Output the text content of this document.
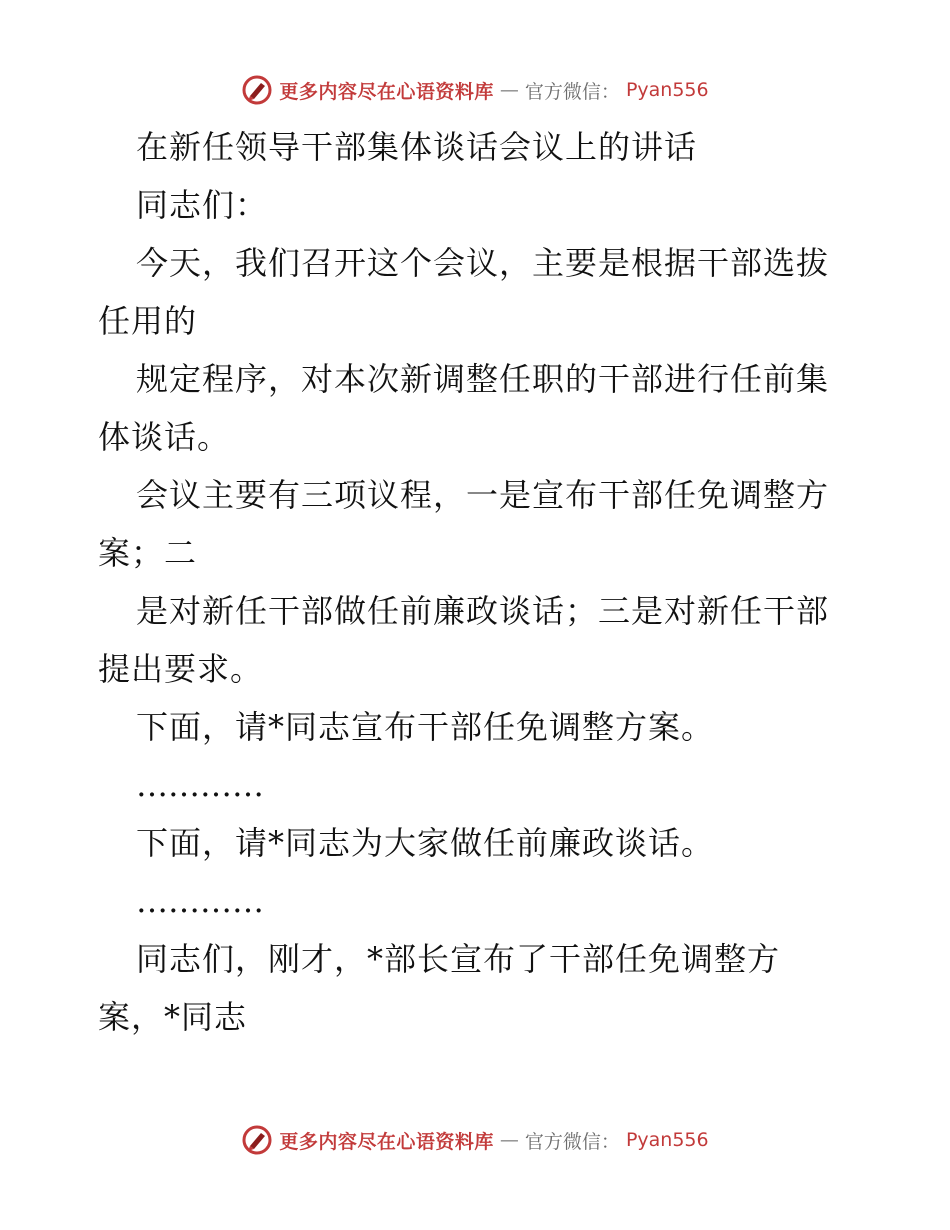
更多内容尽在心语资料库 — 官方微信： Pyan556
在新任领导干部集体谈话会议上的讲话
同志们：
今天，我们召开这个会议，主要是根据干部选拔
任用的
规定程序，对本次新调整任职的干部进行任前集
体谈话。
会议主要有三项议程，一是宣布干部任免调整方
案；二
是对新任干部做任前廉政谈话；三是对新任干部
提出要求。
下面，请*同志宣布干部任免调整方案。
…………
下面，请*同志为大家做任前廉政谈话。
…………
同志们，刚才，*部长宣布了干部任免调整方
案，*同志
更多内容尽在心语资料库 — 官方微信： Pyan556
